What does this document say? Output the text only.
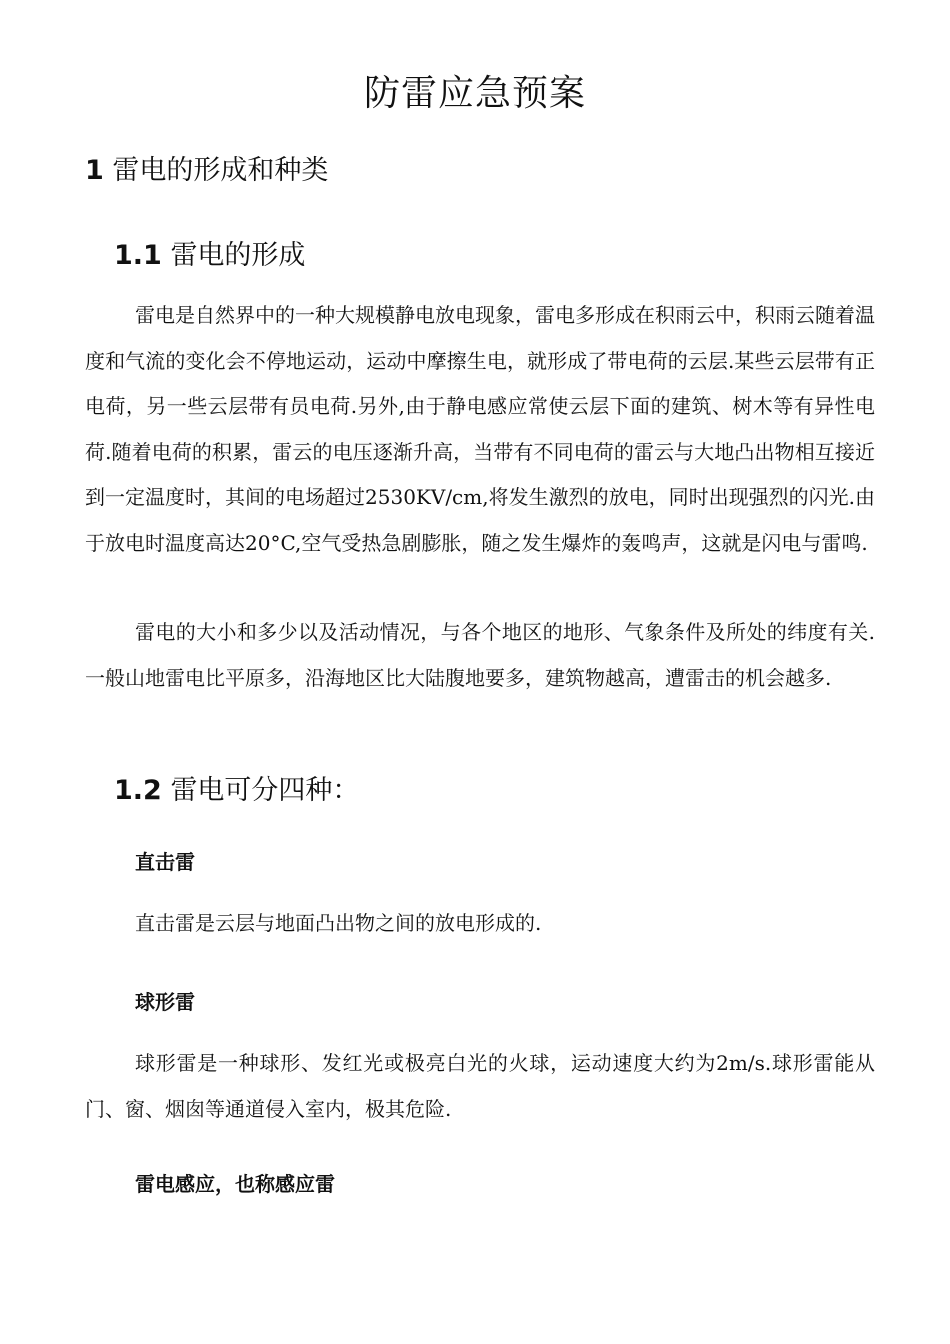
防雷应急预案
1 雷电的形成和种类
1.1 雷电的形成

雷电是自然界中的一种大规模静电放电现象，雷电多形成在积雨云中，积雨云随着温度和气流的变化会不停地运动，运动中摩擦生电，就形成了带电荷的云层.某些云层带有正电荷，另一些云层带有员电荷.另外,由于静电感应常使云层下面的建筑、树木等有异性电荷.随着电荷的积累，雷云的电压逐渐升高，当带有不同电荷的雷云与大地凸出物相互接近到一定温度时，其间的电场超过2530KV/cm,将发生激烈的放电，同时出现强烈的闪光.由于放电时温度高达20°C,空气受热急剧膨胀，随之发生爆炸的轰鸣声，这就是闪电与雷鸣.

雷电的大小和多少以及活动情况，与各个地区的地形、气象条件及所处的纬度有关.一般山地雷电比平原多，沿海地区比大陆腹地要多，建筑物越高，遭雷击的机会越多.

1.2 雷电可分四种：
直击雷

直击雷是云层与地面凸出物之间的放电形成的.

球形雷

球形雷是一种球形、发红光或极亮白光的火球，运动速度大约为2m/s.球形雷能从门、窗、烟囱等通道侵入室内，极其危险.

雷电感应，也称感应雷
